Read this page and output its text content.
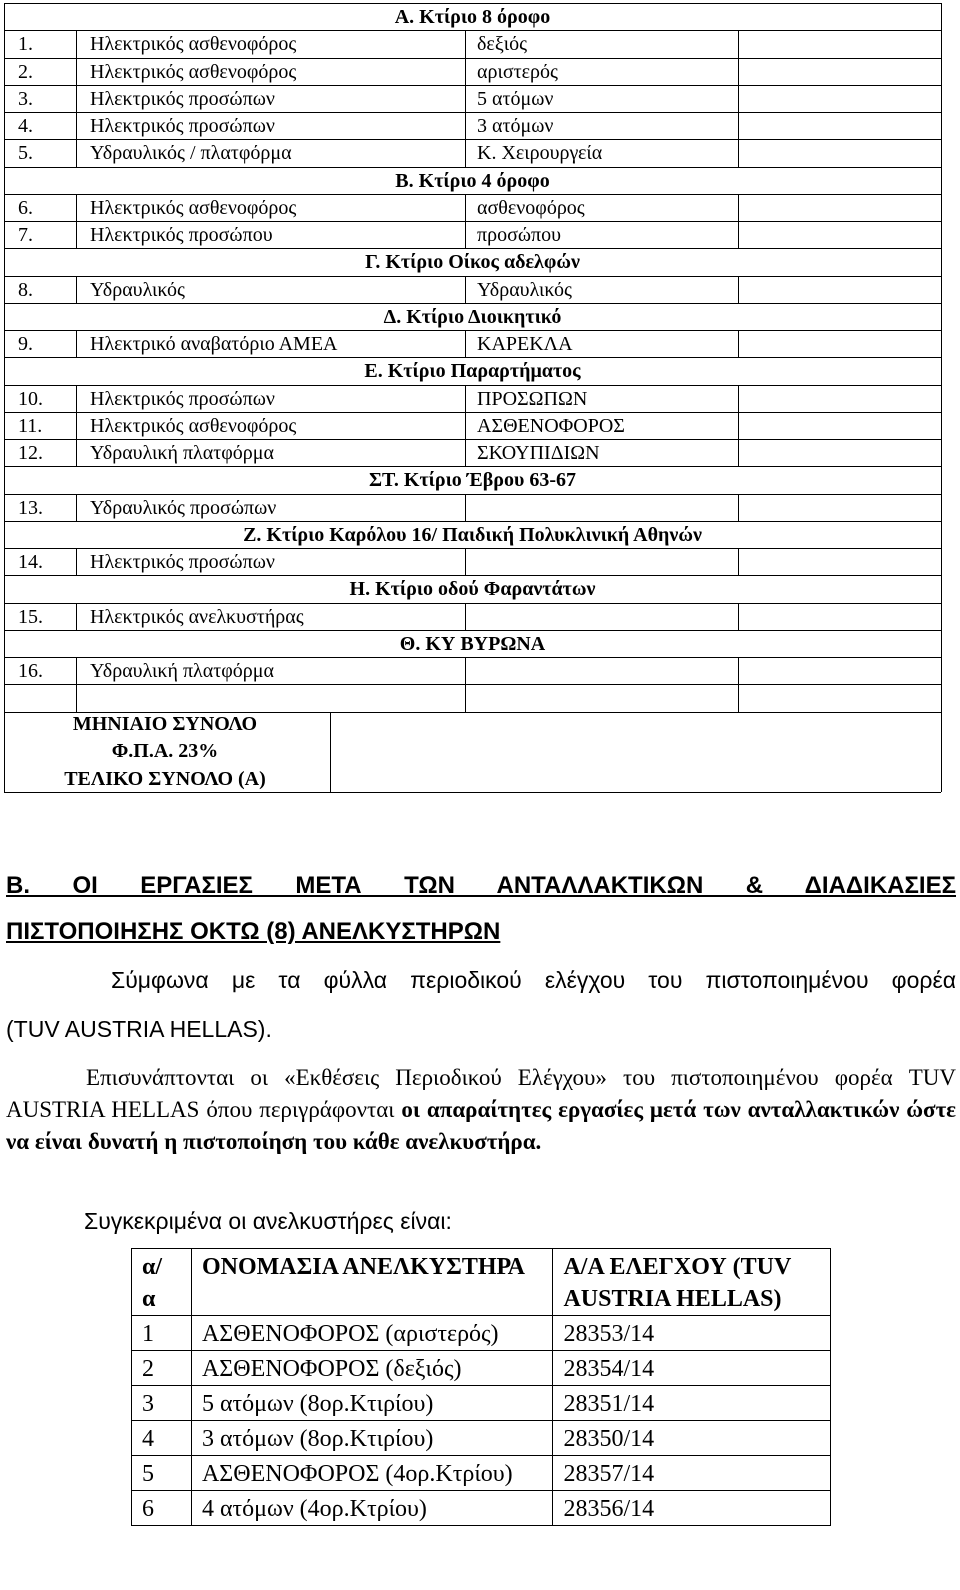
Α. Κτίριο 8 όροφο
1.	Ηλεκτρικός ασθενοφόρος	δεξιός
2.	Ηλεκτρικός ασθενοφόρος	αριστερός
3.	Ηλεκτρικός προσώπων	5 ατόμων
4.	Ηλεκτρικός προσώπων	3 ατόμων
5.	Υδραυλικός / πλατφόρμα	Κ. Χειρουργεία
Β. Κτίριο 4 όροφο
6.	Ηλεκτρικός ασθενοφόρος	ασθενοφόρος
7.	Ηλεκτρικός προσώπου	προσώπου
Γ. Κτίριο Οίκος αδελφών
8.	Υδραυλικός	Υδραυλικός
Δ. Κτίριο Διοικητικό
9.	Ηλεκτρικό αναβατόριο ΑΜΕΑ	ΚΑΡΕΚΛΑ
Ε. Κτίριο Παραρτήματος
10. Ηλεκτρικός προσώπων	ΠΡΟΣΩΠΩΝ
11. Ηλεκτρικός ασθενοφόρος	ΑΣΘΕΝΟΦΟΡΟΣ
12. Υδραυλική πλατφόρμα	ΣΚΟΥΠΙΔΙΩΝ
ΣΤ. Κτίριο Έβρου 63-67
13. Υδραυλικός προσώπων
Ζ. Κτίριο Καρόλου 16/ Παιδική Πολυκλινική Αθηνών
14. Ηλεκτρικός προσώπων
Η. Κτίριο οδού Φαραντάτων
15. Ηλεκτρικός ανελκυστήρας
Θ. ΚΥ ΒΥΡΩΝΑ
16. Υδραυλική πλατφόρμα
ΜΗΝΙΑΙΟ ΣΥΝΟΛΟ
Φ.Π.Α. 23%
ΤΕΛΙΚΟ ΣΥΝΟΛΟ (Α)
Β. ΟΙ ΕΡΓΑΣΙΕΣ ΜΕΤΑ ΤΩΝ ΑΝΤΑΛΛΑΚΤΙΚΩΝ & ΔΙΑΔΙΚΑΣΙΕΣ
ΠΙΣΤΟΠΟΙΗΣΗΣ ΟΚΤΩ (8) ΑΝΕΛΚΥΣΤΗΡΩΝ
Σύμφωνα με τα φύλλα περιοδικού ελέγχου του πιστοποιημένου φορέα
(TUV AUSTRIA HELLAS).
Επισυνάπτονται οι «Εκθέσεις Περιοδικού Ελέγχου» του πιστοποιημένου φορέα TUV AUSTRIA HELLAS όπου περιγράφονται οι απαραίτητες εργασίες μετά των ανταλλακτικών ώστε να είναι δυνατή η πιστοποίηση του κάθε ανελκυστήρα.
Συγκεκριμένα οι ανελκυστήρες είναι:
α/ α	ΟΝΟΜΑΣΙΑ ΑΝΕΛΚΥΣΤΗΡΑ	Α/Α ΕΛΕΓΧΟΥ (TUV AUSTRIA HELLAS)
1	ΑΣΘΕΝΟΦΟΡΟΣ (αριστερός)	28353/14
2	ΑΣΘΕΝΟΦΟΡΟΣ (δεξιός)	28354/14
3	5 ατόμων (8ορ.Κτιρίου)	28351/14
4	3 ατόμων (8ορ.Κτιρίου)	28350/14
5	ΑΣΘΕΝΟΦΟΡΟΣ (4ορ.Κτρίου)	28357/14
6	4 ατόμων (4ορ.Κτρίου)	28356/14
